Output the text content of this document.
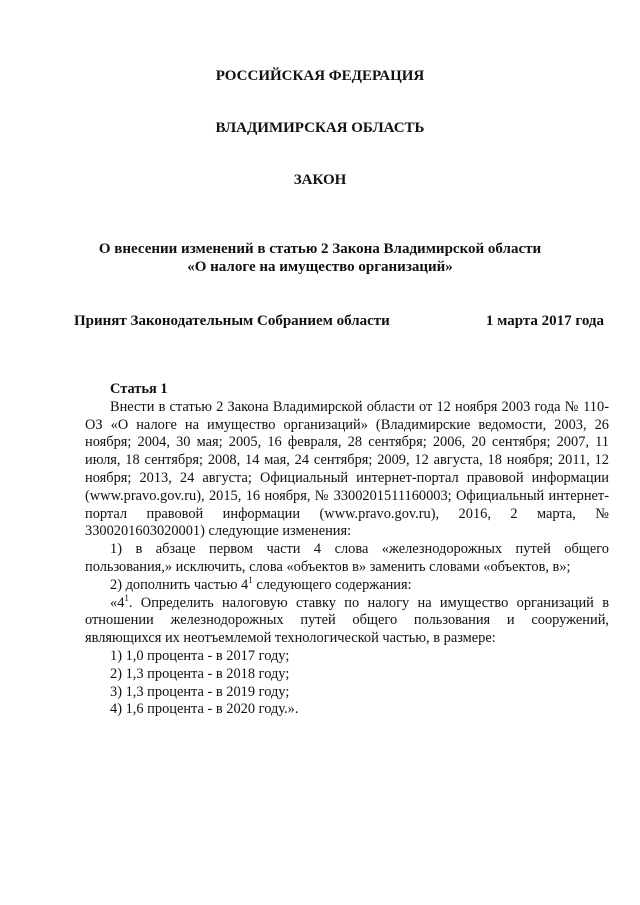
РОССИЙСКАЯ ФЕДЕРАЦИЯ
ВЛАДИМИРСКАЯ ОБЛАСТЬ
ЗАКОН
О внесении изменений в статью 2 Закона Владимирской области
«О налоге на имущество организаций»
Принят Законодательным Собранием области	1 марта 2017 года
Статья 1
Внести в статью 2 Закона Владимирской области от 12 ноября 2003 года № 110-ОЗ «О налоге на имущество организаций» (Владимирские ведомости, 2003, 26 ноября; 2004, 30 мая; 2005, 16 февраля, 28 сентября; 2006, 20 сентября; 2007, 11 июля, 18 сентября; 2008, 14 мая, 24 сентября; 2009, 12 августа, 18 ноября; 2011, 12 ноября; 2013, 24 августа; Официальный интернет-портал правовой информации (www.pravo.gov.ru), 2015, 16 ноября, № 3300201511160003; Официальный интернет-портал правовой информации (www.pravo.gov.ru), 2016, 2 марта, № 3300201603020001) следующие изменения:
1) в абзаце первом части 4 слова «железнодорожных путей общего пользования,» исключить, слова «объектов в» заменить словами «объектов, в»;
2) дополнить частью $4^1$ следующего содержания:
«$4^1$. Определить налоговую ставку по налогу на имущество организаций в отношении железнодорожных путей общего пользования и сооружений, являющихся их неотъемлемой технологической частью, в размере:
1) 1,0 процента - в 2017 году;
2) 1,3 процента - в 2018 году;
3) 1,3 процента - в 2019 году;
4) 1,6 процента - в 2020 году.».
